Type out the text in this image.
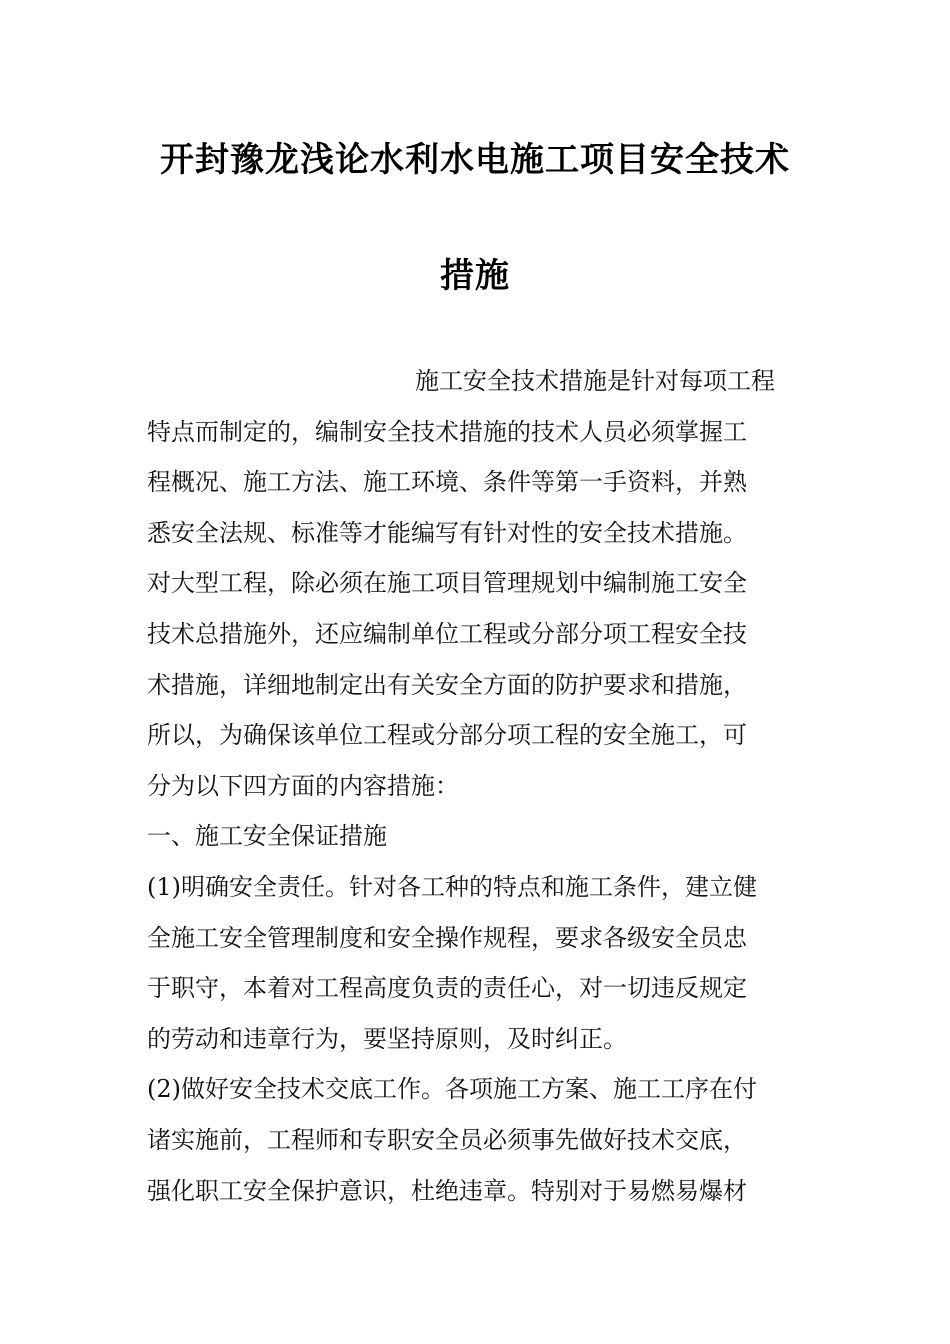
开封豫龙浅论水利水电施工项目安全技术
措施
施工安全技术措施是针对每项工程
特点而制定的，编制安全技术措施的技术人员必须掌握工
程概况、施工方法、施工环境、条件等第一手资料，并熟
悉安全法规、标准等才能编写有针对性的安全技术措施。
对大型工程，除必须在施工项目管理规划中编制施工安全
技术总措施外，还应编制单位工程或分部分项工程安全技
术措施，详细地制定出有关安全方面的防护要求和措施，
所以，为确保该单位工程或分部分项工程的安全施工，可
分为以下四方面的内容措施：
一、施工安全保证措施
(1)明确安全责任。针对各工种的特点和施工条件，建立健
全施工安全管理制度和安全操作规程，要求各级安全员忠
于职守，本着对工程高度负责的责任心，对一切违反规定
的劳动和违章行为，要坚持原则，及时纠正。
(2)做好安全技术交底工作。各项施工方案、施工工序在付
诸实施前，工程师和专职安全员必须事先做好技术交底，
强化职工安全保护意识，杜绝违章。特别对于易燃易爆材
